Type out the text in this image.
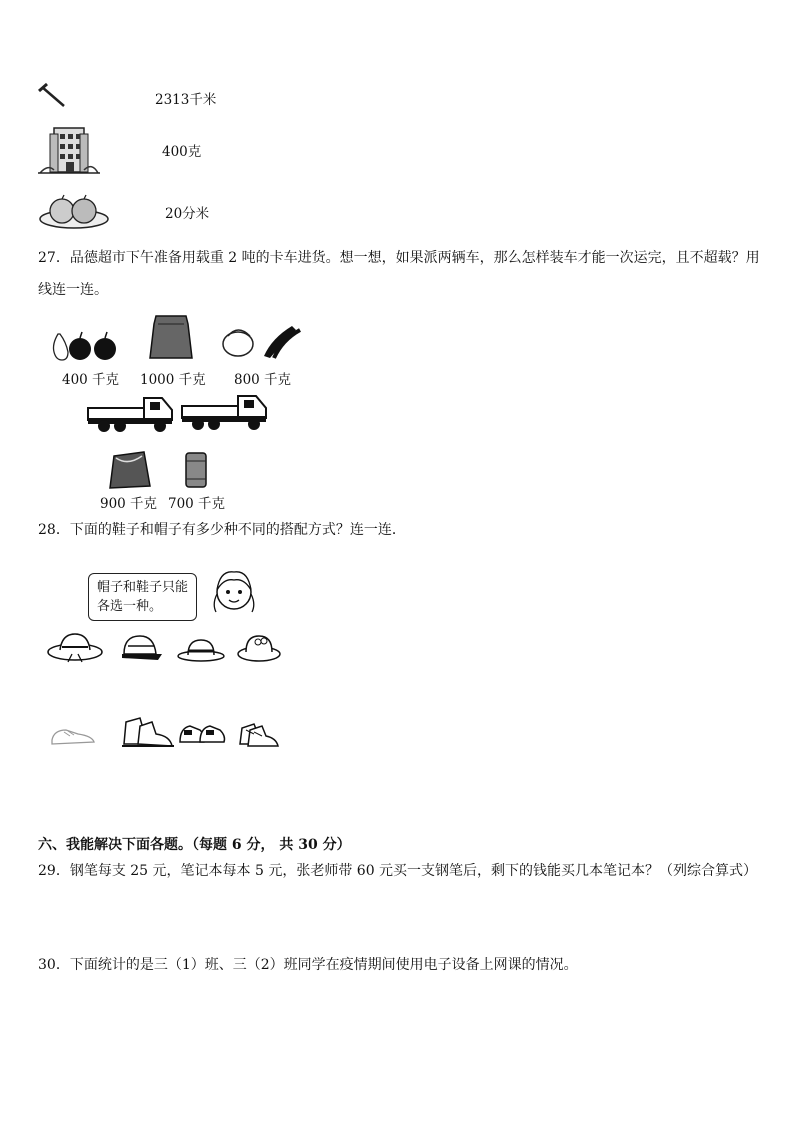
2313千米
400克
20分米
27．品德超市下午准备用载重 2 吨的卡车进货。想一想，如果派两辆车，那么怎样装车才能一次运完，且不超载？用
线连一连。
400 千克 1000 千克 800 千克
900 千克 700 千克
28．下面的鞋子和帽子有多少种不同的搭配方式？连一连．
帽子和鞋子只能
各选一种。
六、我能解决下面各题。（每题 6 分， 共 30 分）
29．钢笔每支 25 元，笔记本每本 5 元，张老师带 60 元买一支钢笔后，剩下的钱能买几本笔记本？（列综合算式）
30．下面统计的是三（1）班、三（2）班同学在疫情期间使用电子设备上网课的情况。
